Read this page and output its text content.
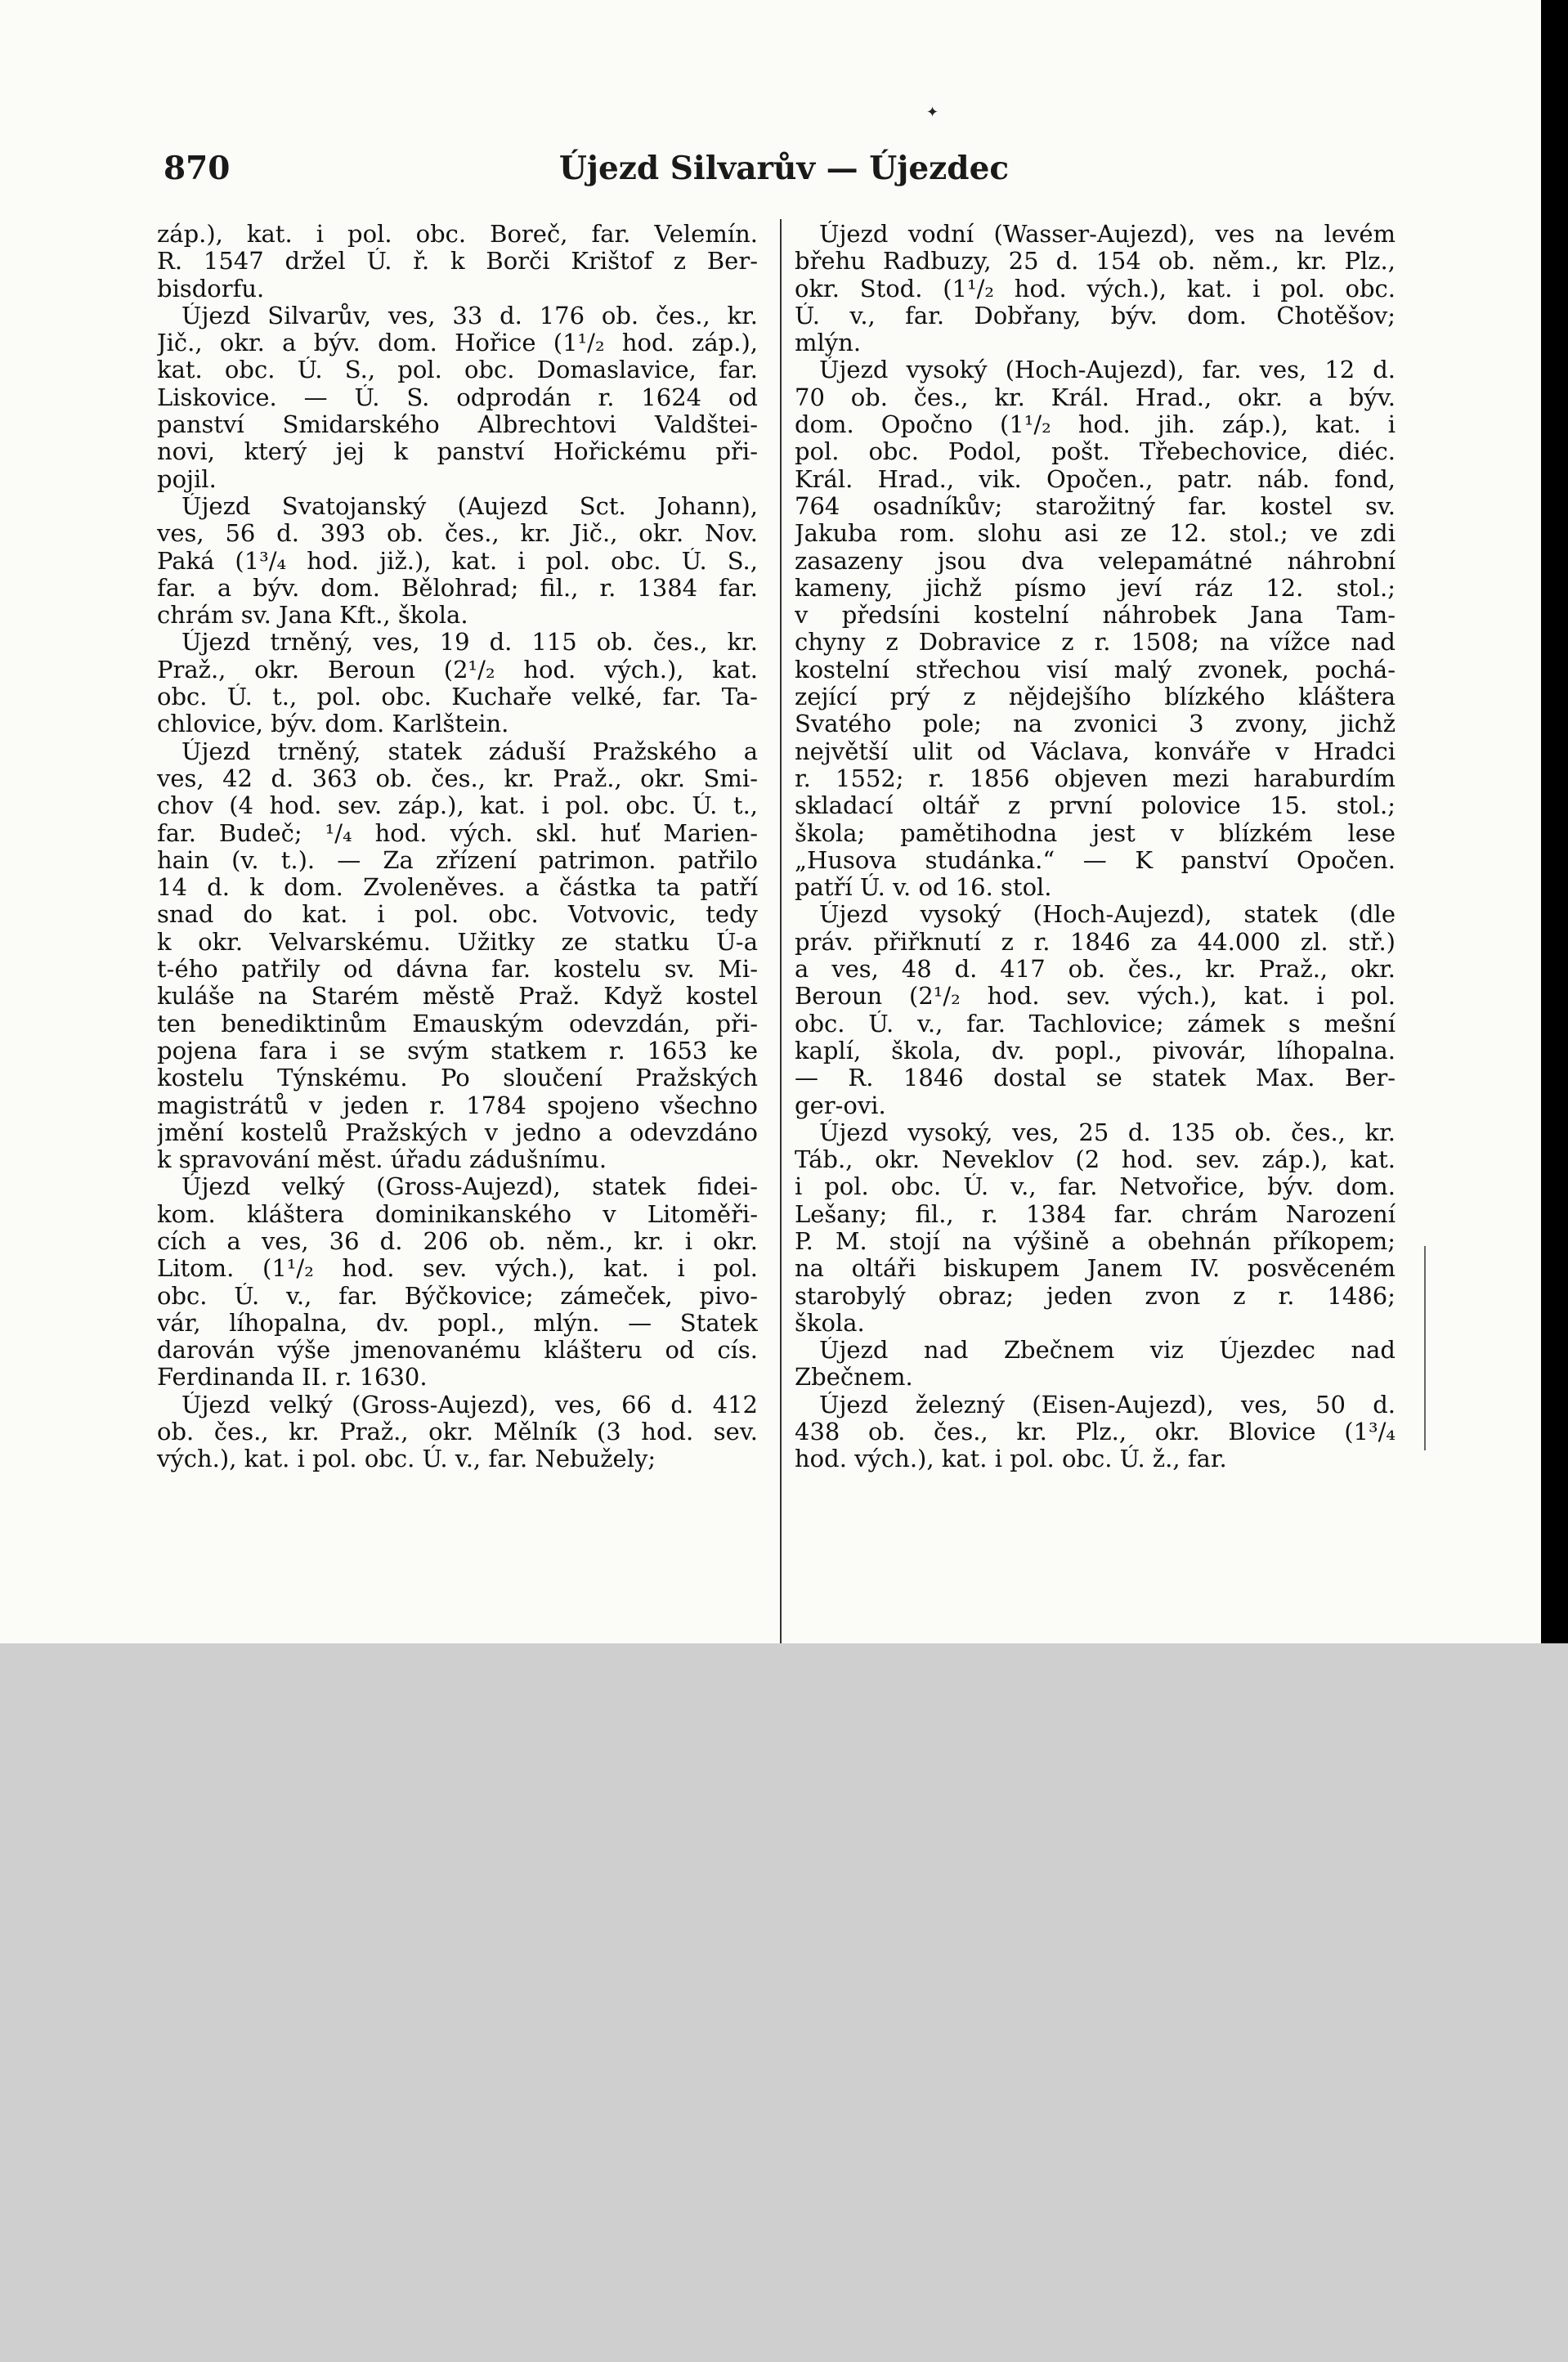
✦
870	Újezd Silvarův — Újezdec
záp.), kat. i pol. obc. Boreč, far. Velemín.
R. 1547 držel Ú. ř. k Borči Krištof z Ber-
bisdorfu.
Újezd Silvarův, ves, 33 d. 176 ob. čes., kr.
Jič., okr. a býv. dom. Hořice (1¹/₂ hod. záp.),
kat. obc. Ú. S., pol. obc. Domaslavice, far.
Liskovice. — Ú. S. odprodán r. 1624 od
panství Smidarského Albrechtovi Valdštei-
novi, který jej k panství Hořickému při-
pojil.
Újezd Svatojanský (Aujezd Sct. Johann),
ves, 56 d. 393 ob. čes., kr. Jič., okr. Nov.
Paká (1³/₄ hod. již.), kat. i pol. obc. Ú. S.,
far. a býv. dom. Bělohrad; fil., r. 1384 far.
chrám sv. Jana Kft., škola.
Újezd trněný, ves, 19 d. 115 ob. čes., kr.
Praž., okr. Beroun (2¹/₂ hod. vých.), kat.
obc. Ú. t., pol. obc. Kuchaře velké, far. Ta-
chlovice, býv. dom. Karlštein.
Újezd trněný, statek záduší Pražského a
ves, 42 d. 363 ob. čes., kr. Praž., okr. Smi-
chov (4 hod. sev. záp.), kat. i pol. obc. Ú. t.,
far. Budeč; ¹/₄ hod. vých. skl. huť Marien-
hain (v. t.). — Za zřízení patrimon. patřilo
14 d. k dom. Zvoleněves. a částka ta patří
snad do kat. i pol. obc. Votvovic, tedy
k okr. Velvarskému. Užitky ze statku Ú-a
t-ého patřily od dávna far. kostelu sv. Mi-
kuláše na Starém městě Praž. Když kostel
ten benediktinům Emauským odevzdán, při-
pojena fara i se svým statkem r. 1653 ke
kostelu Týnskému. Po sloučení Pražských
magistrátů v jeden r. 1784 spojeno všechno
jmění kostelů Pražských v jedno a odevzdáno
k spravování měst. úřadu zádušnímu.
Újezd velký (Gross-Aujezd), statek fidei-
kom. kláštera dominikanského v Litoměři-
cích a ves, 36 d. 206 ob. něm., kr. i okr.
Litom. (1¹/₂ hod. sev. vých.), kat. i pol.
obc. Ú. v., far. Býčkovice; zámeček, pivo-
vár, líhopalna, dv. popl., mlýn. — Statek
darován výše jmenovanému klášteru od cís.
Ferdinanda II. r. 1630.
Újezd velký (Gross-Aujezd), ves, 66 d. 412
ob. čes., kr. Praž., okr. Mělník (3 hod. sev.
vých.), kat. i pol. obc. Ú. v., far. Nebužely;
Újezd vodní (Wasser-Aujezd), ves na levém
břehu Radbuzy, 25 d. 154 ob. něm., kr. Plz.,
okr. Stod. (1¹/₂ hod. vých.), kat. i pol. obc.
Ú. v., far. Dobřany, býv. dom. Chotěšov;
mlýn.
Újezd vysoký (Hoch-Aujezd), far. ves, 12 d.
70 ob. čes., kr. Král. Hrad., okr. a býv.
dom. Opočno (1¹/₂ hod. jih. záp.), kat. i
pol. obc. Podol, pošt. Třebechovice, diéc.
Král. Hrad., vik. Opočen., patr. náb. fond,
764 osadníkův; starožitný far. kostel sv.
Jakuba rom. slohu asi ze 12. stol.; ve zdi
zasazeny jsou dva velepamátné náhrobní
kameny, jichž písmo jeví ráz 12. stol.;
v předsíni kostelní náhrobek Jana Tam-
chyny z Dobravice z r. 1508; na vížce nad
kostelní střechou visí malý zvonek, pochá-
zející prý z nějdejšího blízkého kláštera
Svatého pole; na zvonici 3 zvony, jichž
největší ulit od Václava, konváře v Hradci
r. 1552; r. 1856 objeven mezi haraburdím
skladací oltář z první polovice 15. stol.;
škola; pamětihodna jest v blízkém lese
„Husova studánka.“ — K panství Opočen.
patří Ú. v. od 16. stol.
Újezd vysoký (Hoch-Aujezd), statek (dle
práv. přiřknutí z r. 1846 za 44.000 zl. stř.)
a ves, 48 d. 417 ob. čes., kr. Praž., okr.
Beroun (2¹/₂ hod. sev. vých.), kat. i pol.
obc. Ú. v., far. Tachlovice; zámek s mešní
kaplí, škola, dv. popl., pivovár, líhopalna.
— R. 1846 dostal se statek Max. Ber-
ger-ovi.
Újezd vysoký, ves, 25 d. 135 ob. čes., kr.
Táb., okr. Neveklov (2 hod. sev. záp.), kat.
i pol. obc. Ú. v., far. Netvořice, býv. dom.
Lešany; fil., r. 1384 far. chrám Narození
P. M. stojí na výšině a obehnán příkopem;
na oltáři biskupem Janem IV. posvěceném
starobylý obraz; jeden zvon z r. 1486;
škola.
Újezd nad Zbečnem viz Újezdec nad
Zbečnem.
Újezd železný (Eisen-Aujezd), ves, 50 d.
438 ob. čes., kr. Plz., okr. Blovice (1³/₄
hod. vých.), kat. i pol. obc. Ú. ž., far.
